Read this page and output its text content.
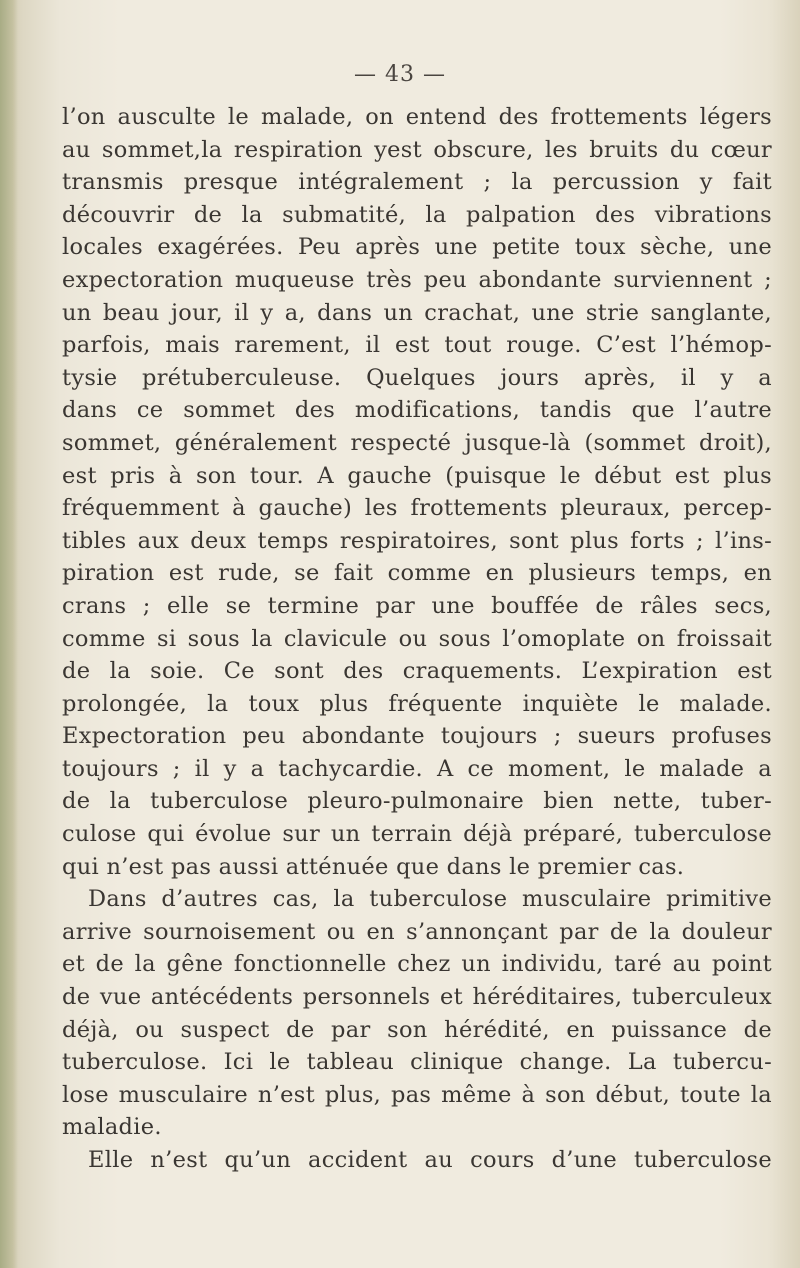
— 43 —
l’on ausculte le malade, on entend des frottements légers
au sommet,la respiration yest obscure, les bruits du cœur
transmis presque intégralement ; la percussion y fait
découvrir de la submatité, la palpation des vibrations
locales exagérées. Peu après une petite toux sèche, une
expectoration muqueuse très peu abondante surviennent ;
un beau jour, il y a, dans un crachat, une strie sanglante,
parfois, mais rarement, il est tout rouge. C’est l’hémop-
tysie prétuberculeuse. Quelques jours après, il y a
dans ce sommet des modifications, tandis que l’autre
sommet, généralement respecté jusque-là (sommet droit),
est pris à son tour. A gauche (puisque le début est plus
fréquemment à gauche) les frottements pleuraux, percep-
tibles aux deux temps respiratoires, sont plus forts ; l’ins-
piration est rude, se fait comme en plusieurs temps, en
crans ; elle se termine par une bouffée de râles secs,
comme si sous la clavicule ou sous l’omoplate on froissait
de la soie. Ce sont des craquements. L’expiration est
prolongée, la toux plus fréquente inquiète le malade.
Expectoration peu abondante toujours ; sueurs profuses
toujours ; il y a tachycardie. A ce moment, le malade a
de la tuberculose pleuro-pulmonaire bien nette, tuber-
culose qui évolue sur un terrain déjà préparé, tuberculose
qui n’est pas aussi atténuée que dans le premier cas.
Dans d’autres cas, la tuberculose musculaire primitive
arrive sournoisement ou en s’annonçant par de la douleur
et de la gêne fonctionnelle chez un individu, taré au point
de vue antécédents personnels et héréditaires, tuberculeux
déjà, ou suspect de par son hérédité, en puissance de
tuberculose. Ici le tableau clinique change. La tubercu-
lose musculaire n’est plus, pas même à son début, toute la
maladie.
Elle n’est qu’un accident au cours d’une tuberculose
